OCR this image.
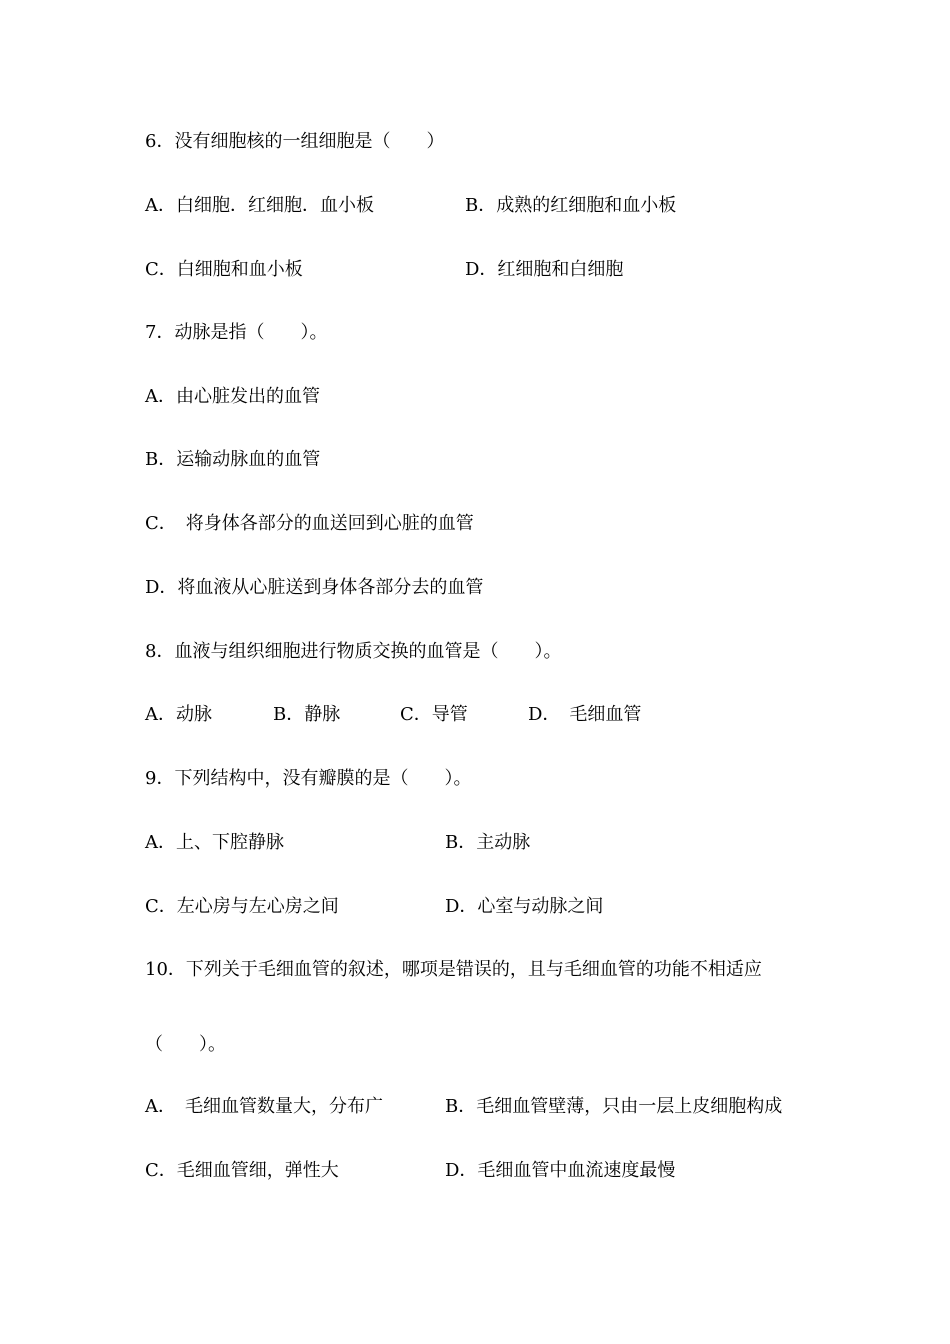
6．没有细胞核的一组细胞是（　　）
A．白细胞．红细胞．血小板	B．成熟的红细胞和血小板
C．白细胞和血小板	D．红细胞和白细胞
7．动脉是指（　　）。
A．由心脏发出的血管
B．运输动脉血的血管
C．　将身体各部分的血送回到心脏的血管
D．将血液从心脏送到身体各部分去的血管
8．血液与组织细胞进行物质交换的血管是（　　）。
A．动脉	B．静脉	C．导管	D．　毛细血管
9．下列结构中，没有瓣膜的是（　　）。
A．上、下腔静脉	B．主动脉
C．左心房与左心房之间	D．心室与动脉之间
10．下列关于毛细血管的叙述，哪项是错误的，且与毛细血管的功能不相适应
（　　）。
A．　毛细血管数量大，分布广	B．毛细血管壁薄，只由一层上皮细胞构成
C．毛细血管细，弹性大	D．毛细血管中血流速度最慢
